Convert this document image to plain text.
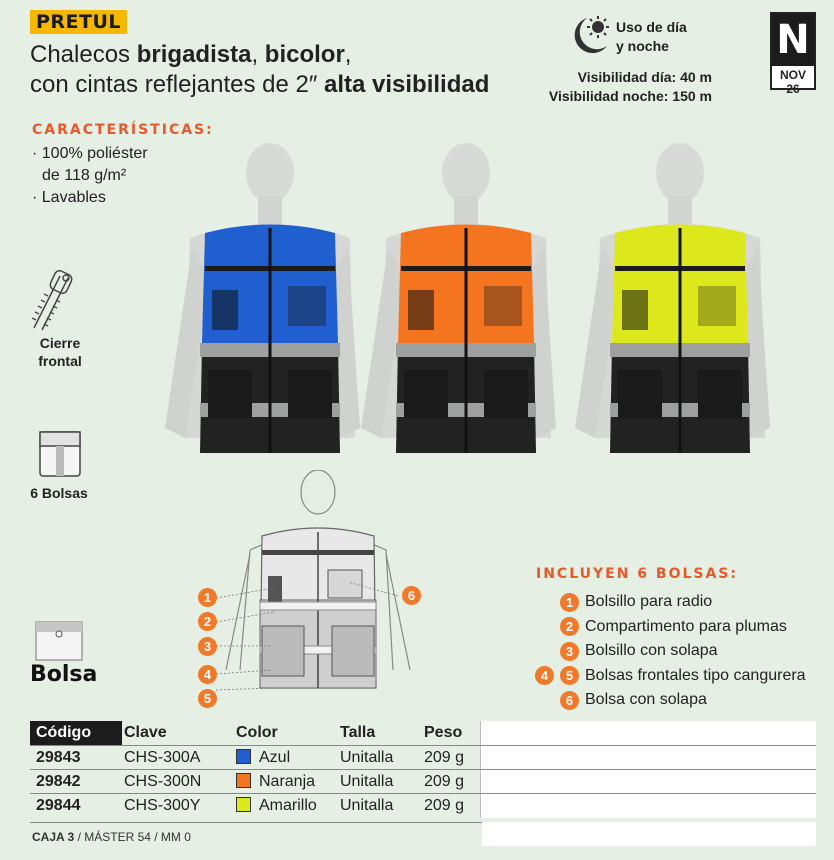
PRETUL
Chalecos brigadista, bicolor,
con cintas reflejantes de 2″ alta visibilidad
Uso de día
y noche
Visibilidad día: 40 m
Visibilidad noche: 150 m
N
NOV 26
CARACTERÍSTICAS:
· 100% poliéster
de 118 g/m²
· Lavables
Cierre
frontal
6 Bolsas
Bolsa
1
2
3
4
5
6
INCLUYEN 6 BOLSAS:
1 Bolsillo para radio
2 Compartimento para plumas
3 Bolsillo con solapa
4	5 Bolsas frontales tipo cangurera
6 Bolsa con solapa
Código	Clave	Color	Talla	Peso
29843	CHS-300A	Azul	Unitalla	209 g
29842	CHS-300N	Naranja	Unitalla	209 g
29844	CHS-300Y	Amarillo	Unitalla	209 g
CAJA 3 / MÁSTER 54 / MM 0
